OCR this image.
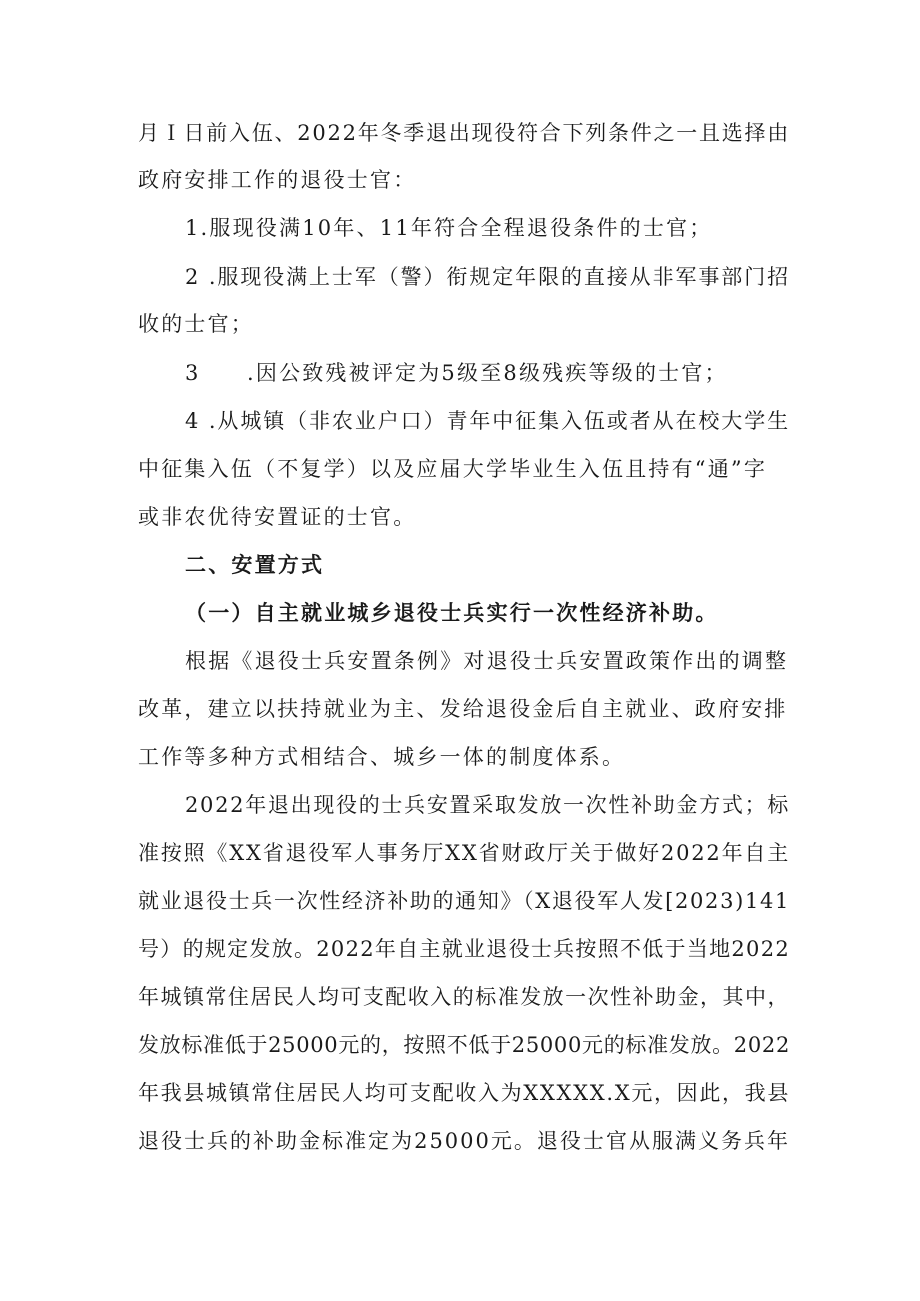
月Ｉ日前入伍、2022年冬季退出现役符合下列条件之一且选择由
政府安排工作的退役士官：
1.服现役满10年、11年符合全程退役条件的士官；
2 .服现役满上士军（警）衔规定年限的直接从非军事部门招
收的士官；
3　　.因公致残被评定为5级至8级残疾等级的士官；
4 .从城镇（非农业户口）青年中征集入伍或者从在校大学生
中征集入伍（不复学）以及应届大学毕业生入伍且持有“通”字
或非农优待安置证的士官。
二、安置方式
（一）自主就业城乡退役士兵实行一次性经济补助。
根据《退役士兵安置条例》对退役士兵安置政策作出的调整
改革，建立以扶持就业为主、发给退役金后自主就业、政府安排
工作等多种方式相结合、城乡一体的制度体系。
2022年退出现役的士兵安置采取发放一次性补助金方式；标
准按照《XX省退役军人事务厅XX省财政厅关于做好2022年自主
就业退役士兵一次性经济补助的通知》（X退役军人发[2023)141
号）的规定发放。2022年自主就业退役士兵按照不低于当地2022
年城镇常住居民人均可支配收入的标准发放一次性补助金，其中，
发放标准低于25000元的，按照不低于25000元的标准发放。2022
年我县城镇常住居民人均可支配收入为XXXXX.X元，因此，我县
退役士兵的补助金标准定为25000元。退役士官从服满义务兵年
